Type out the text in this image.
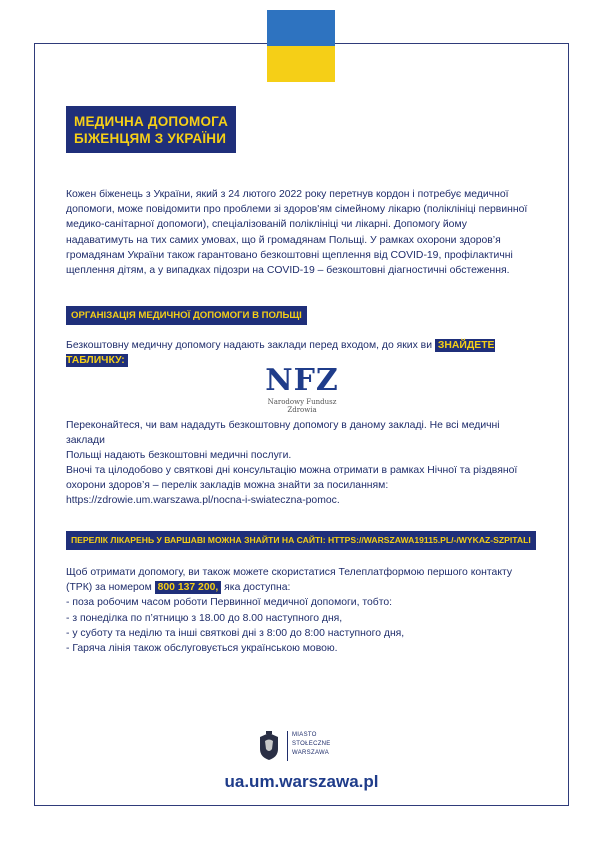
МЕДИЧНА ДОПОМОГА
БІЖЕНЦЯМ З УКРАЇНИ
Кожен біженець з України, який з 24 лютого 2022 року перетнув кордон і потребує медичної
допомоги, може повідомити про проблеми зі здоров'ям сімейному лікарю (поліклініці первинної
медико-санітарної допомоги), спеціалізованій поліклініці чи лікарні. Допомогу йому
надаватимуть на тих самих умовах, що й громадянам Польщі. У рамках охорони здоров’я
громадянам України також гарантовано безкоштовні щеплення від COVID-19, профілактичні
щеплення дітям, а у випадках підозри на COVID-19 – безкоштовні діагностичні обстеження.
ОРГАНІЗАЦІЯ МЕДИЧНОЇ ДОПОМОГИ В ПОЛЬЩІ
Безкоштовну медичну допомогу надають заклади перед входом, до яких ви ЗНАЙДЕТЕ ТАБЛИЧКУ:
NFZ
Narodowy Fundusz Zdrowia
Переконайтеся, чи вам нададуть безкоштовну допомогу в даному закладі. Не всі медичні заклади
Польщі надають безкоштовні медичні послуги.
Вночі та цілодобово у святкові дні консультацію можна отримати в рамках Нічної та різдвяної
охорони здоров’я – перелік закладів можна знайти за посиланням:
https://zdrowie.um.warszawa.pl/nocna-i-swiateczna-pomoc.
ПЕРЕЛІК ЛІКАРЕНЬ У ВАРШАВІ МОЖНА ЗНАЙТИ НА САЙТІ: HTTPS://WARSZAWA19115.PL/-/WYKAZ-SZPITALI
Щоб отримати допомогу, ви також можете скористатися Телеплатформою першого контакту
(ТРК) за номером 800 137 200, яка доступна:
- поза робочим часом роботи Первинної медичної допомоги, тобто:
- з понеділка по п’ятницю з 18.00 до 8.00 наступного дня,
- у суботу та неділю та інші святкові дні з 8:00 до 8:00 наступного дня,
- Гаряча лінія також обслуговується українською мовою.
MIASTO
STOŁECZNE
WARSZAWA
ua.um.warszawa.pl
